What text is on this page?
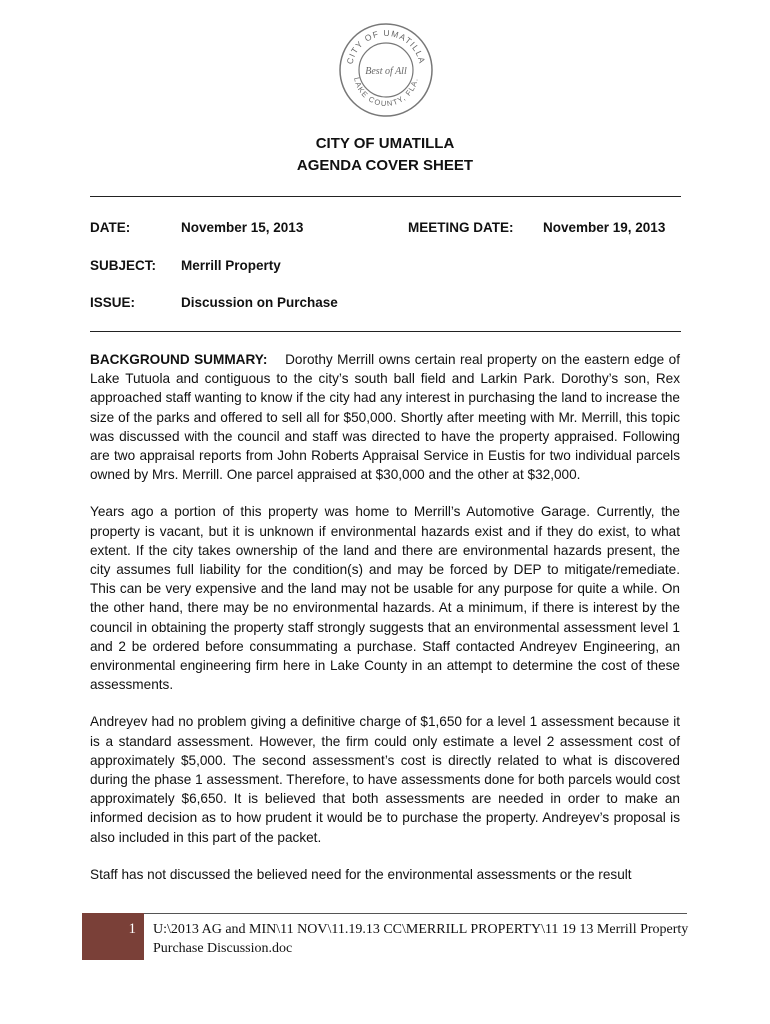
CITY OF UMATILLA
LAKE COUNTY, FLA.
Best of All
CITY OF UMATILLA
AGENDA COVER SHEET
DATE:	November 15, 2013	MEETING DATE: November 19, 2013
SUBJECT: Merrill Property
ISSUE:	Discussion on Purchase

BACKGROUND SUMMARY: Dorothy Merrill owns certain real property on the eastern edge of Lake Tutuola and contiguous to the city’s south ball field and Larkin Park. Dorothy’s son, Rex approached staff wanting to know if the city had any interest in purchasing the land to increase the size of the parks and offered to sell all for $50,000. Shortly after meeting with Mr. Merrill, this topic was discussed with the council and staff was directed to have the property appraised. Following are two appraisal reports from John Roberts Appraisal Service in Eustis for two individual parcels owned by Mrs. Merrill. One parcel appraised at $30,000 and the other at $32,000.

Years ago a portion of this property was home to Merrill’s Automotive Garage. Currently, the property is vacant, but it is unknown if environmental hazards exist and if they do exist, to what extent. If the city takes ownership of the land and there are environmental hazards present, the city assumes full liability for the condition(s) and may be forced by DEP to mitigate/remediate. This can be very expensive and the land may not be usable for any purpose for quite a while. On the other hand, there may be no environmental hazards. At a minimum, if there is interest by the council in obtaining the property staff strongly suggests that an environmental assessment level 1 and 2 be ordered before consummating a purchase. Staff contacted Andreyev Engineering, an environmental engineering firm here in Lake County in an attempt to determine the cost of these assessments.

Andreyev had no problem giving a definitive charge of $1,650 for a level 1 assessment because it is a standard assessment. However, the firm could only estimate a level 2 assessment cost of approximately $5,000. The second assessment’s cost is directly related to what is discovered during the phase 1 assessment. Therefore, to have assessments done for both parcels would cost approximately $6,650. It is believed that both assessments are needed in order to make an informed decision as to how prudent it would be to purchase the property. Andreyev’s proposal is also included in this part of the packet.

Staff has not discussed the believed need for the environmental assessments or the result

1	U:\2013 AG and MIN\11 NOV\11.19.13 CC\MERRILL PROPERTY\11 19 13 Merrill Property Purchase Discussion.doc
